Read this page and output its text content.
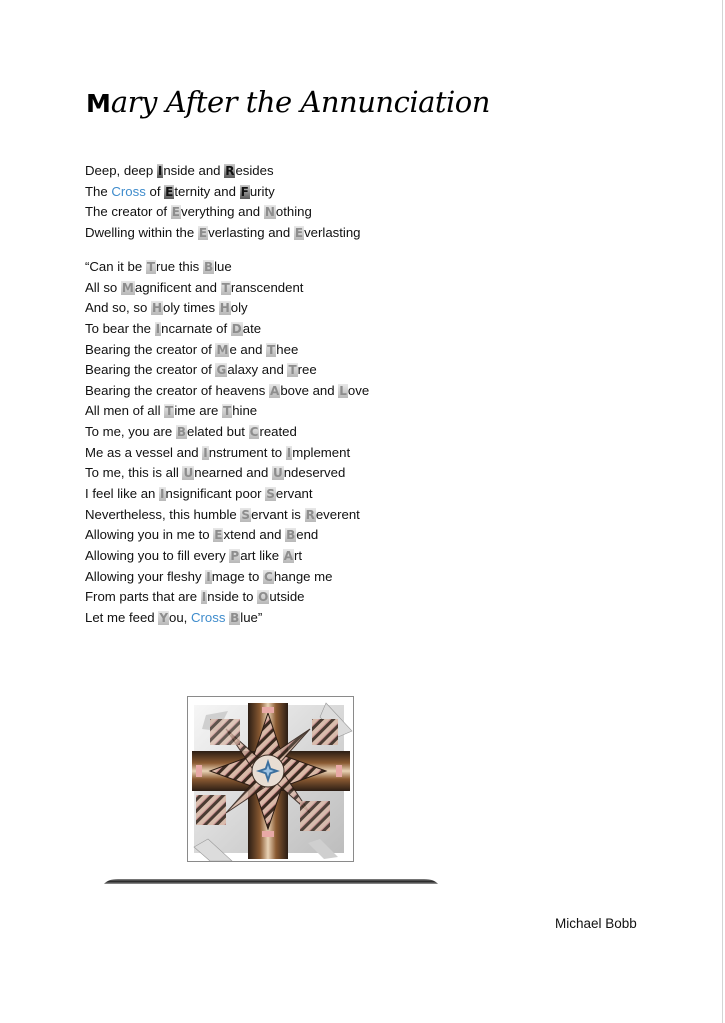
Mary After the Annunciation
Deep, deep Inside and Resides
The Cross of Eternity and Furity
The creator of Everything and Nothing
Dwelling within the Everlasting and Everlasting
“Can it be True this Blue
All so Magnificent and Transcendent
And so, so Holy times Holy
To bear the Incarnate of Date
Bearing the creator of Me and Thee
Bearing the creator of Galaxy and Tree
Bearing the creator of heavens Above and Love
All men of all Time are Thine
To me, you are Belated but Created
Me as a vessel and Instrument to Implement
To me, this is all Unearned and Undeserved
I feel like an Insignificant poor Servant
Nevertheless, this humble Servant is Reverent
Allowing you in me to Extend and Bend
Allowing you to fill every Part like Art
Allowing your fleshy Image to Change me
From parts that are Inside to Outside
Let me feed You, Cross Blue”
Michael Bobb
